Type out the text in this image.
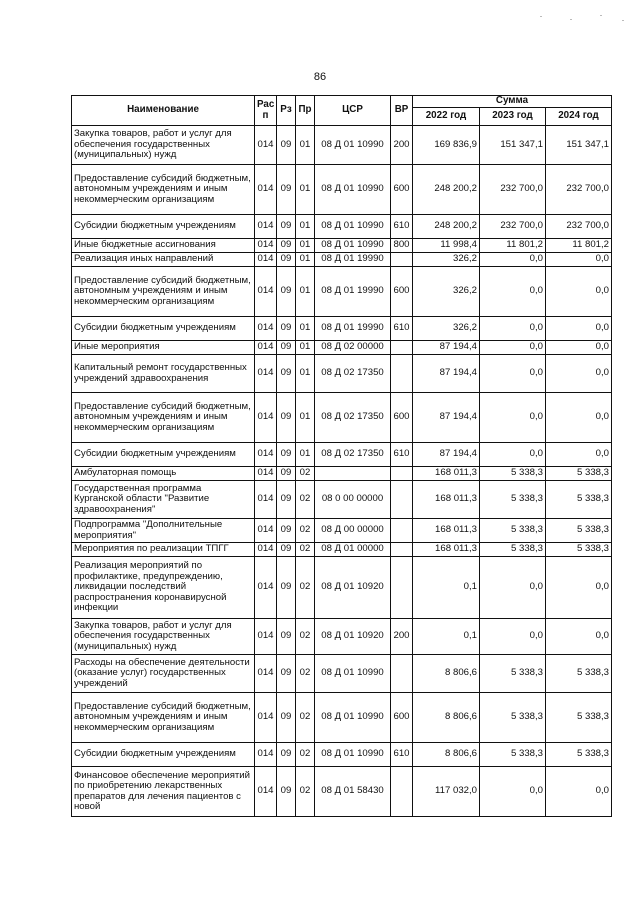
86
Наименование	Рас п	Рз	Пр	ЦСР	ВР	Сумма		
						2022 год	2023 год	2024 год
Закупка товаров, работ и услуг для обеспечения государственных (муниципальных) нужд	014	09	01	08 Д 01 10990	200	169 836,9	151 347,1	151 347,1
Предоставление субсидий бюджетным, автономным учреждениям и иным некоммерческим организациям	014	09	01	08 Д 01 10990	600	248 200,2	232 700,0	232 700,0
Субсидии бюджетным учреждениям	014	09	01	08 Д 01 10990	610	248 200,2	232 700,0	232 700,0
Иные бюджетные ассигнования	014	09	01	08 Д 01 10990	800	11 998,4	11 801,2	11 801,2
Реализация иных направлений	014	09	01	08 Д 01 19990		326,2	0,0	0,0
Предоставление субсидий бюджетным, автономным учреждениям и иным некоммерческим организациям	014	09	01	08 Д 01 19990	600	326,2	0,0	0,0
Субсидии бюджетным учреждениям	014	09	01	08 Д 01 19990	610	326,2	0,0	0,0
Иные мероприятия	014	09	01	08 Д 02 00000		87 194,4	0,0	0,0
Капитальный ремонт государственных учреждений здравоохранения	014	09	01	08 Д 02 17350		87 194,4	0,0	0,0
Предоставление субсидий бюджетным, автономным учреждениям и иным некоммерческим организациям	014	09	01	08 Д 02 17350	600	87 194,4	0,0	0,0
Субсидии бюджетным учреждениям	014	09	01	08 Д 02 17350	610	87 194,4	0,0	0,0
Амбулаторная помощь	014	09	02			168 011,3	5 338,3	5 338,3
Государственная программа Курганской области "Развитие здравоохранения"	014	09	02	08 0 00 00000		168 011,3	5 338,3	5 338,3
Подпрограмма "Дополнительные мероприятия"	014	09	02	08 Д 00 00000		168 011,3	5 338,3	5 338,3
Мероприятия по реализации ТПГГ	014	09	02	08 Д 01 00000		168 011,3	5 338,3	5 338,3
Реализация мероприятий по профилактике, предупреждению, ликвидации последствий распространения коронавирусной инфекции	014	09	02	08 Д 01 10920		0,1	0,0	0,0
Закупка товаров, работ и услуг для обеспечения государственных (муниципальных) нужд	014	09	02	08 Д 01 10920	200	0,1	0,0	0,0
Расходы на обеспечение деятельности (оказание услуг) государственных учреждений	014	09	02	08 Д 01 10990		8 806,6	5 338,3	5 338,3
Предоставление субсидий бюджетным, автономным учреждениям и иным некоммерческим организациям	014	09	02	08 Д 01 10990	600	8 806,6	5 338,3	5 338,3
Субсидии бюджетным учреждениям	014	09	02	08 Д 01 10990	610	8 806,6	5 338,3	5 338,3
Финансовое обеспечение мероприятий по приобретению лекарственных препаратов для лечения пациентов с новой	014	09	02	08 Д 01 58430		117 032,0	0,0	0,0
